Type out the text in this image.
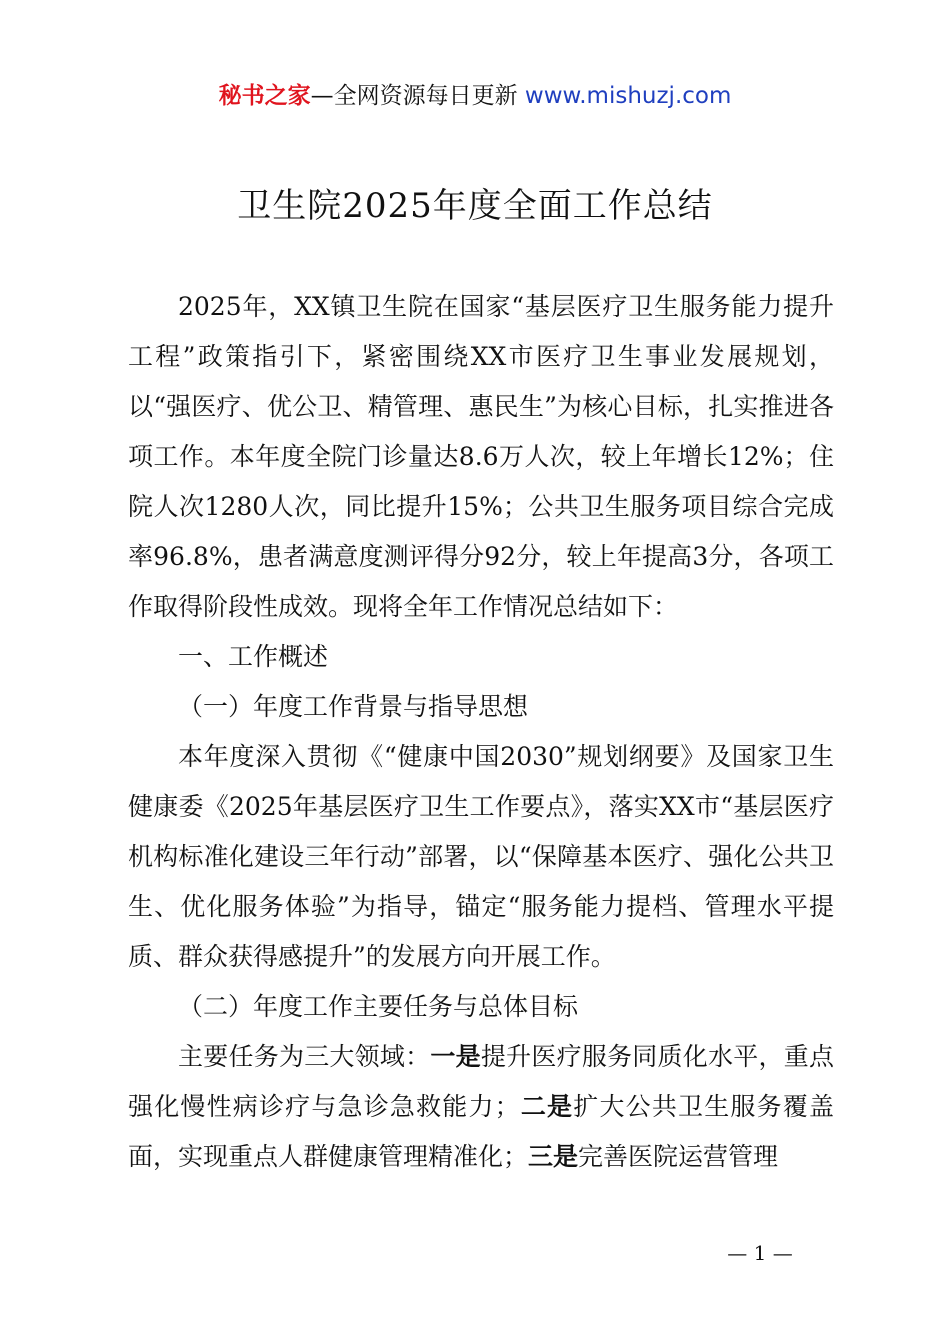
秘书之家—全网资源每日更新 www.mishuzj.com
卫生院2025年度全面工作总结

2025年，XX镇卫生院在国家“基层医疗卫生服务能力提升工程”政策指引下，紧密围绕XX市医疗卫生事业发展规划，以“强医疗、优公卫、精管理、惠民生”为核心目标，扎实推进各项工作。本年度全院门诊量达8.6万人次，较上年增长12%；住院人次1280人次，同比提升15%；公共卫生服务项目综合完成率96.8%，患者满意度测评得分92分，较上年提高3分，各项工作取得阶段性成效。现将全年工作情况总结如下：

一、工作概述

（一）年度工作背景与指导思想

本年度深入贯彻《“健康中国2030”规划纲要》及国家卫生健康委《2025年基层医疗卫生工作要点》，落实XX市“基层医疗机构标准化建设三年行动”部署，以“保障基本医疗、强化公共卫生、优化服务体验”为指导，锚定“服务能力提档、管理水平提质、群众获得感提升”的发展方向开展工作。

（二）年度工作主要任务与总体目标

主要任务为三大领域：一是提升医疗服务同质化水平，重点强化慢性病诊疗与急诊急救能力；二是扩大公共卫生服务覆盖面，实现重点人群健康管理精准化；三是完善医院运营管理

— 1 —
